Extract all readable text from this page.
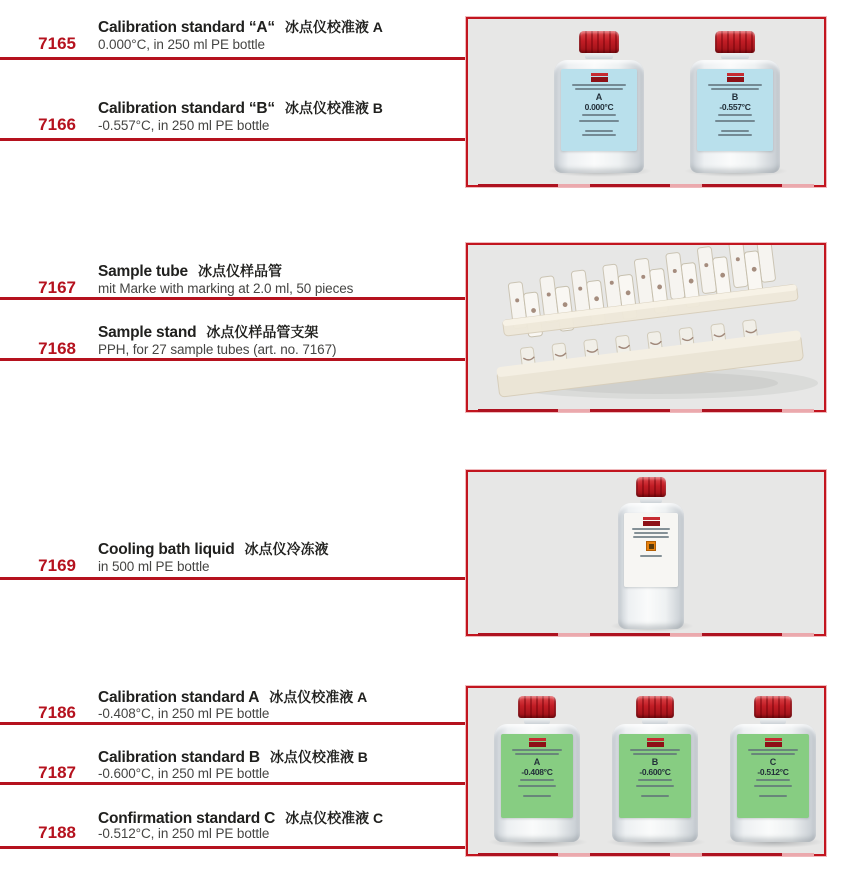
Calibration standard “A“ 冰点仪校准液 A
0.000°C, in 250 ml PE bottle
7165
Calibration standard “B“ 冰点仪校准液 B
-0.557°C, in 250 ml PE bottle
7166
Sample tube 冰点仪样品管
mit Marke with marking at 2.0 ml, 50 pieces
7167
Sample stand 冰点仪样品管支架
PPH, for 27 sample tubes (art. no. 7167)
7168
Cooling bath liquid 冰点仪冷冻液
in 500 ml PE bottle
7169
Calibration standard A 冰点仪校准液 A
-0.408°C, in 250 ml PE bottle
7186
Calibration standard B 冰点仪校准液 B
-0.600°C, in 250 ml PE bottle
7187
Confirmation standard C 冰点仪校准液 C
-0.512°C, in 250 ml PE bottle
7188
A
0.000°C
B
-0.557°C
A
-0.408°C
B
-0.600°C
C
-0.512°C
